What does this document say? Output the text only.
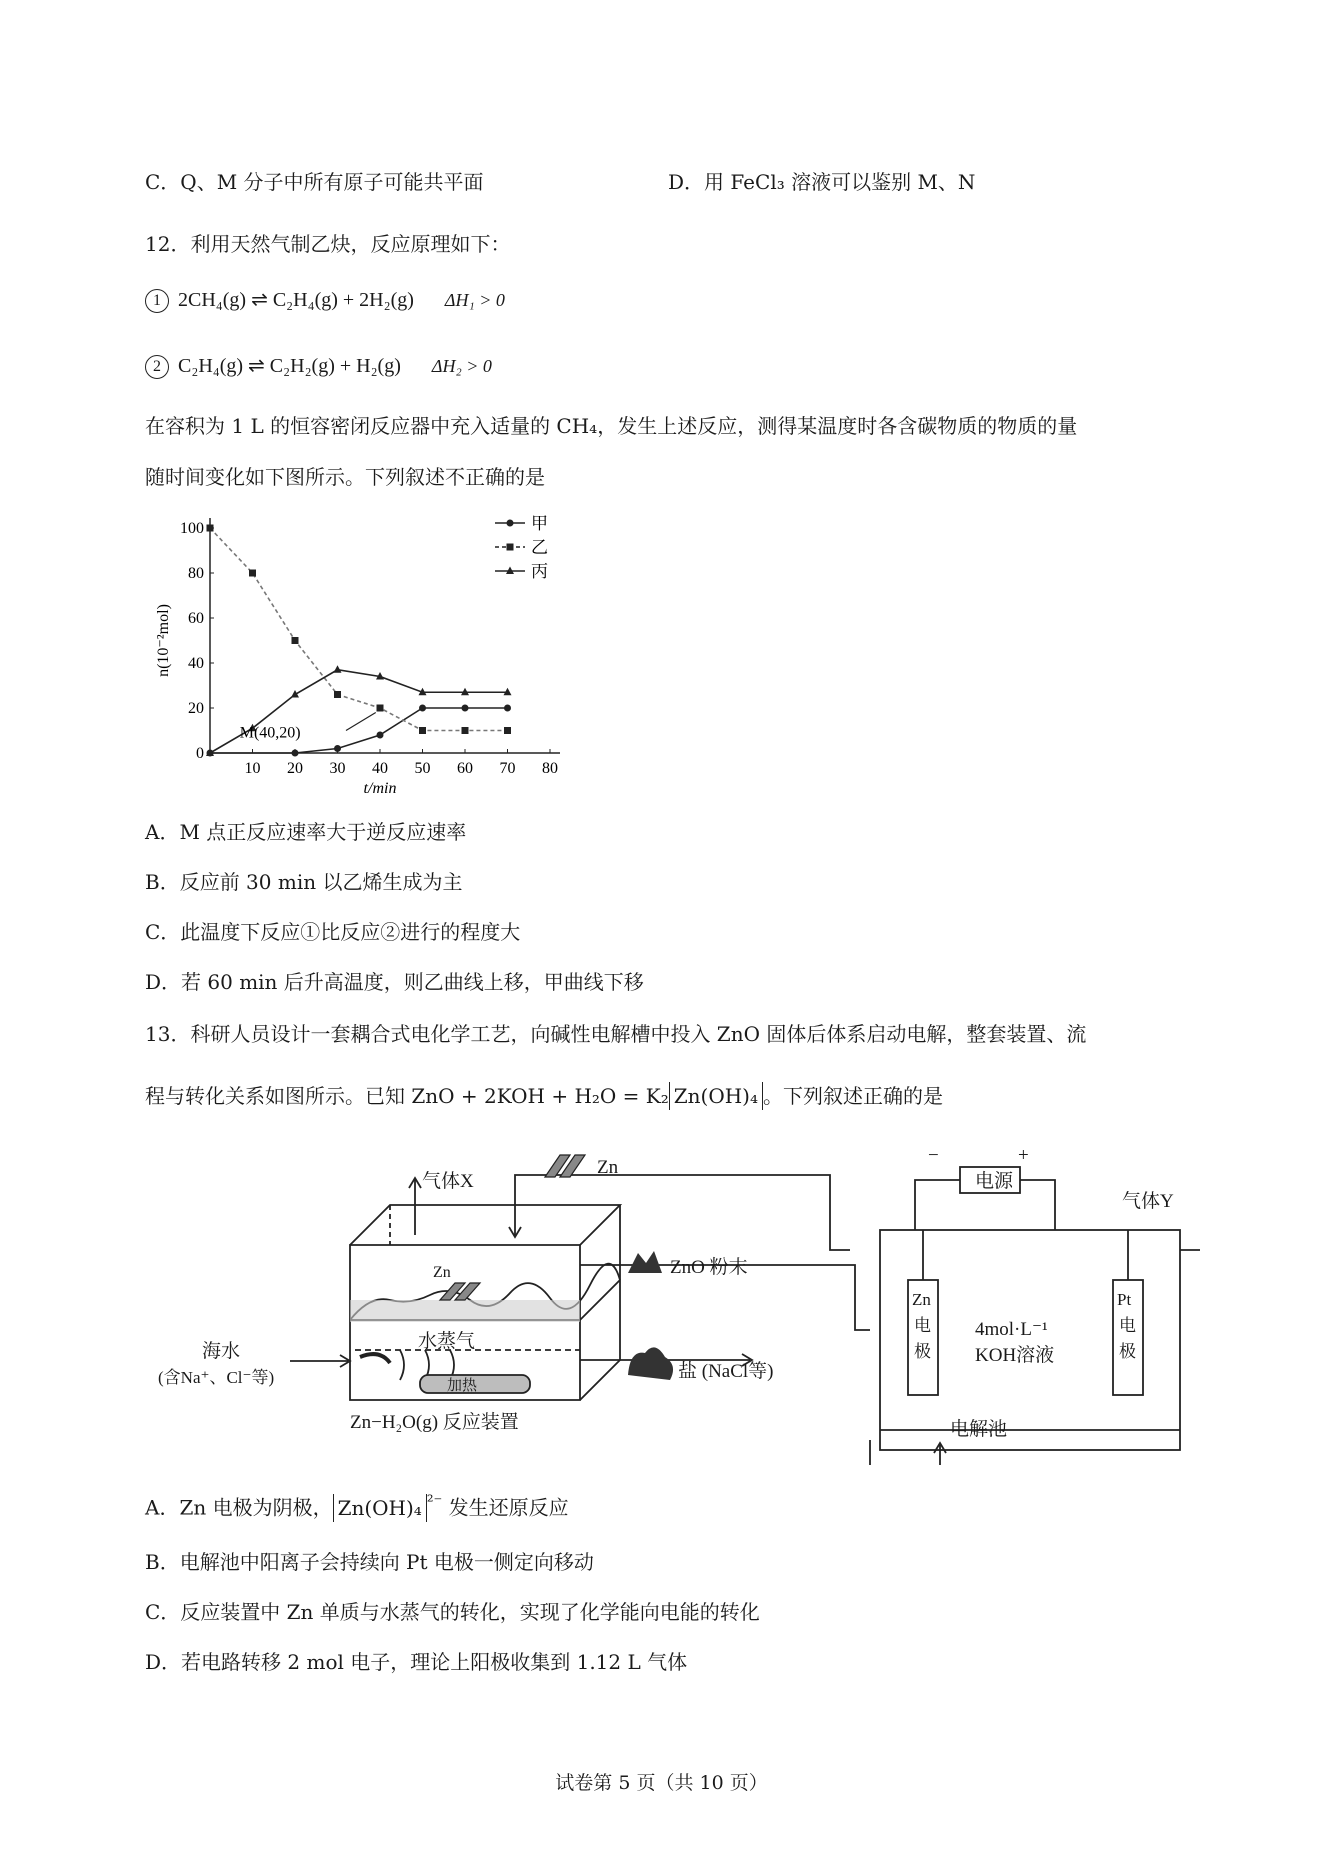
C．Q、M 分子中所有原子可能共平面	D．用 FeCl₃ 溶液可以鉴别 M、N
12．利用天然气制乙炔，反应原理如下：
1 2CH₄(g) ⇌ C₂H₄(g) + 2H₂(g) ΔH₁ > 0
2 C₂H₄(g) ⇌ C₂H₂(g) + H₂(g) ΔH₂ > 0
在容积为 1 L 的恒容密闭反应器中充入适量的 CH₄，发生上述反应，测得某温度时各含碳物质的物质的量
随时间变化如下图所示。下列叙述不正确的是
10 20 30 40 50 60 70 80
0
20
40
60
80
100
n(10⁻²mol)
t/min
甲
乙
丙
M(40,20)
A．M 点正反应速率大于逆反应速率
B．反应前 30 min 以乙烯生成为主
C．此温度下反应①比反应②进行的程度大
D．若 60 min 后升高温度，则乙曲线上移，甲曲线下移
13．科研人员设计一套耦合式电化学工艺，向碱性电解槽中投入 ZnO 固体后体系启动电解，整套装置、流
程与转化关系如图所示。已知 ZnO + 2KOH + H₂O = K₂ Zn(OH)₄ 。下列叙述正确的是
气体X
Zn
ZnO 粉末
Zn
水蒸气
加热
海水
(含Na⁺、Cl⁻等)	盐 (NaCl等)
Zn−H₂O(g) 反应装置
电源
−	+
气体Y
Zn
电
极
Pt
电
极
4mol·L⁻¹
KOH溶液
电解池
A．Zn 电极为阴极， Zn(OH)₄ $^{^{2-}}$ 发生还原反应
B．电解池中阳离子会持续向 Pt 电极一侧定向移动
C．反应装置中 Zn 单质与水蒸气的转化，实现了化学能向电能的转化
D．若电路转移 2 mol 电子，理论上阳极收集到 1.12 L 气体
试卷第 5 页（共 10 页）
